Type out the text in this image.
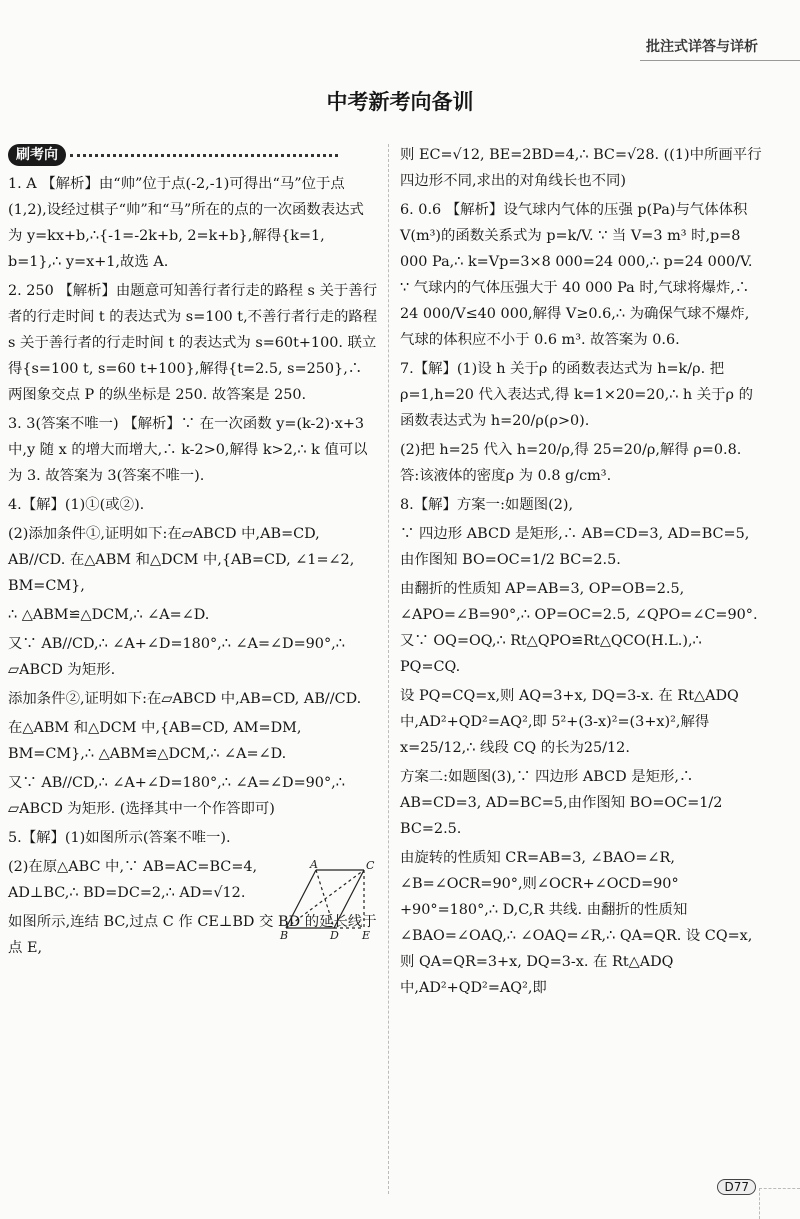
批注式详答与详析
中考新考向备训

刷考向

1. A 【解析】由“帅”位于点(-2,-1)可得出“马”位于点(1,2),设经过棋子“帅”和“马”所在的点的一次函数表达式为 y=kx+b,∴{-1=-2k+b, 2=k+b},解得{k=1, b=1},∴ y=x+1,故选 A.

2. 250 【解析】由题意可知善行者行走的路程 s 关于善行者的行走时间 t 的表达式为 s=100 t,不善行者行走的路程 s 关于善行者的行走时间 t 的表达式为 s=60t+100. 联立得{s=100 t, s=60 t+100},解得{t=2.5, s=250},∴ 两图象交点 P 的纵坐标是 250. 故答案是 250.

3. 3(答案不唯一) 【解析】∵ 在一次函数 y=(k-2)·x+3 中,y 随 x 的增大而增大,∴ k-2>0,解得 k>2,∴ k 值可以为 3. 故答案为 3(答案不唯一).

4.【解】(1)①(或②).

(2)添加条件①,证明如下:在▱ABCD 中,AB=CD, AB//CD. 在△ABM 和△DCM 中,{AB=CD, ∠1=∠2, BM=CM},

∴ △ABM≌△DCM,∴ ∠A=∠D.

又∵ AB//CD,∴ ∠A+∠D=180°,∴ ∠A=∠D=90°,∴ ▱ABCD 为矩形.

添加条件②,证明如下:在▱ABCD 中,AB=CD, AB//CD.

在△ABM 和△DCM 中,{AB=CD, AM=DM, BM=CM},∴ △ABM≌△DCM,∴ ∠A=∠D.

又∵ AB//CD,∴ ∠A+∠D=180°,∴ ∠A=∠D=90°,∴ ▱ABCD 为矩形. (选择其中一个作答即可)

5.【解】(1)如图所示(答案不唯一).

(2)在原△ABC 中,∵ AB=AC=BC=4, AD⊥BC,∴ BD=DC=2,∴ AD=√12.

如图所示,连结 BC,过点 C 作 CE⊥BD 交 BD 的延长线于点 E,

A	C
B	D E

则 EC=√12, BE=2BD=4,∴ BC=√28. ((1)中所画平行四边形不同,求出的对角线长也不同)

6. 0.6 【解析】设气球内气体的压强 p(Pa)与气体体积 V(m³)的函数关系式为 p=k/V. ∵ 当 V=3 m³ 时,p=8 000 Pa,∴ k=Vp=3×8 000=24 000,∴ p=24 000/V. ∵ 气球内的气体压强大于 40 000 Pa 时,气球将爆炸,∴ 24 000/V≤40 000,解得 V≥0.6,∴ 为确保气球不爆炸,气球的体积应不小于 0.6 m³. 故答案为 0.6.

7.【解】(1)设 h 关于ρ 的函数表达式为 h=k/ρ. 把 ρ=1,h=20 代入表达式,得 k=1×20=20,∴ h 关于ρ 的函数表达式为 h=20/ρ(ρ>0).

(2)把 h=25 代入 h=20/ρ,得 25=20/ρ,解得 ρ=0.8. 答:该液体的密度ρ 为 0.8 g/cm³.

8.【解】方案一:如题图(2),

∵ 四边形 ABCD 是矩形,∴ AB=CD=3, AD=BC=5,由作图知 BO=OC=1/2 BC=2.5.

由翻折的性质知 AP=AB=3, OP=OB=2.5, ∠APO=∠B=90°,∴ OP=OC=2.5, ∠QPO=∠C=90°. 又∵ OQ=OQ,∴ Rt△QPO≌Rt△QCO(H.L.),∴ PQ=CQ.

设 PQ=CQ=x,则 AQ=3+x, DQ=3-x. 在 Rt△ADQ 中,AD²+QD²=AQ²,即 5²+(3-x)²=(3+x)²,解得 x=25/12,∴ 线段 CQ 的长为25/12.

方案二:如题图(3),∵ 四边形 ABCD 是矩形,∴ AB=CD=3, AD=BC=5,由作图知 BO=OC=1/2 BC=2.5.

由旋转的性质知 CR=AB=3, ∠BAO=∠R, ∠B=∠OCR=90°,则∠OCR+∠OCD=90°+90°=180°,∴ D,C,R 共线. 由翻折的性质知∠BAO=∠OAQ,∴ ∠OAQ=∠R,∴ QA=QR. 设 CQ=x,则 QA=QR=3+x, DQ=3-x. 在 Rt△ADQ 中,AD²+QD²=AQ²,即

D77
